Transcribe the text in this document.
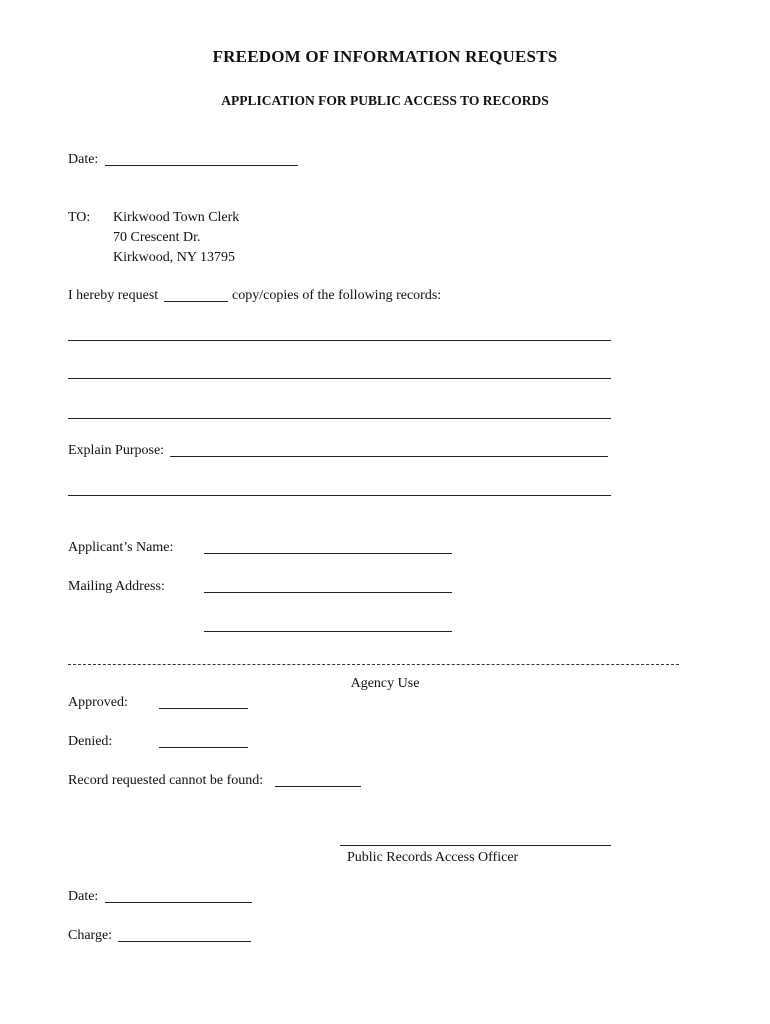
FREEDOM OF INFORMATION REQUESTS
APPLICATION FOR PUBLIC ACCESS TO RECORDS
Date:
TO: Kirkwood Town Clerk
70 Crescent Dr.
Kirkwood, NY 13795
I hereby request	copy/copies of the following records:
Explain Purpose:
Applicant’s Name:
Mailing Address:
Agency Use
Approved:
Denied:
Record requested cannot be found:
Public Records Access Officer
Date:
Charge:
